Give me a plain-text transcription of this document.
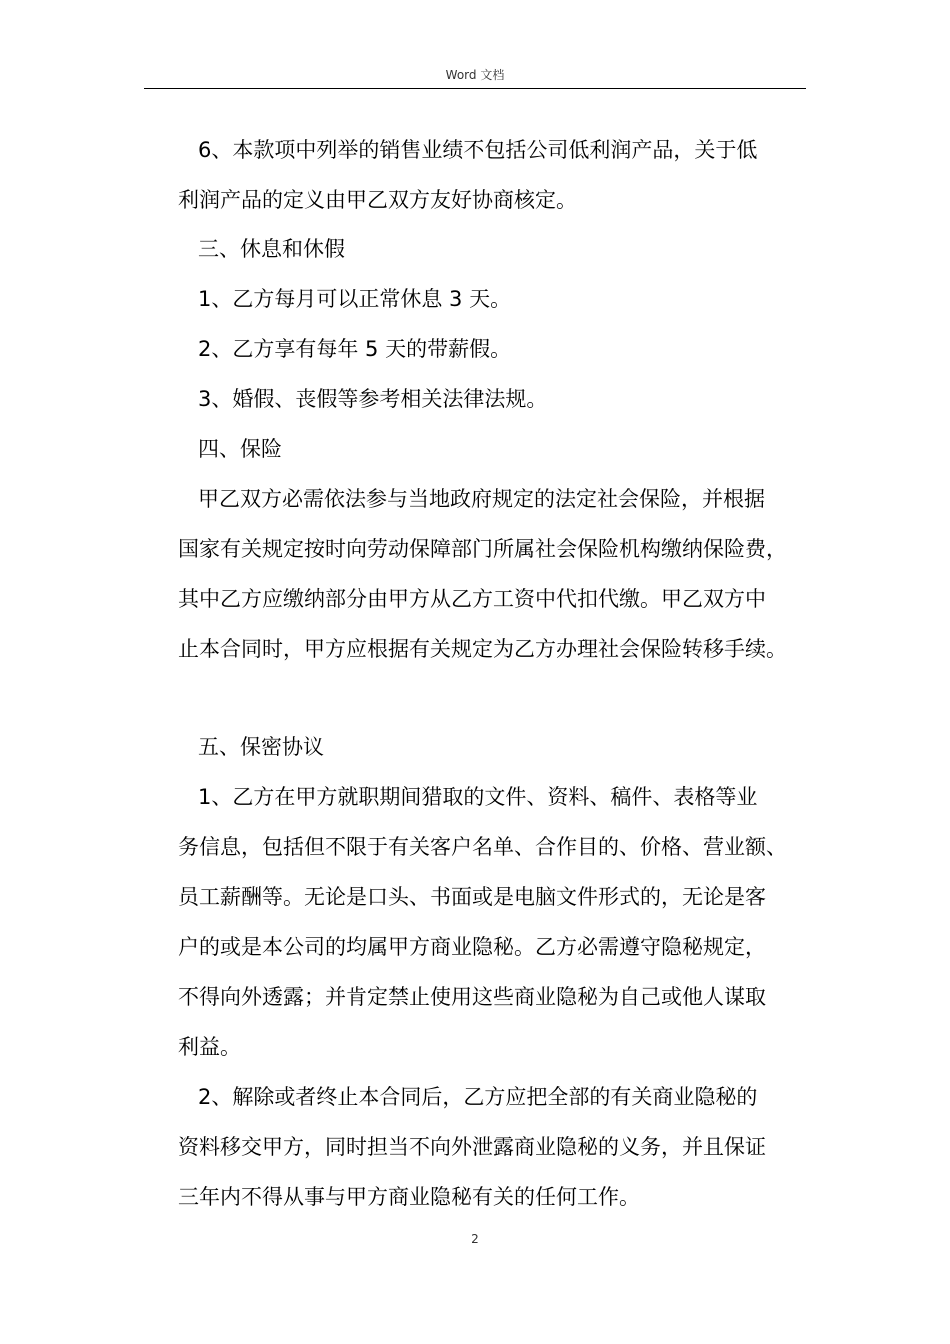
Word 文档
6、本款项中列举的销售业绩不包括公司低利润产品，关于低
利润产品的定义由甲乙双方友好协商核定。
三、休息和休假
1、乙方每月可以正常休息 3 天。
2、乙方享有每年 5 天的带薪假。
3、婚假、丧假等参考相关法律法规。
四、保险
甲乙双方必需依法参与当地政府规定的法定社会保险，并根据
国家有关规定按时向劳动保障部门所属社会保险机构缴纳保险费，
其中乙方应缴纳部分由甲方从乙方工资中代扣代缴。甲乙双方中
止本合同时，甲方应根据有关规定为乙方办理社会保险转移手续。
五、保密协议
1、乙方在甲方就职期间猎取的文件、资料、稿件、表格等业
务信息，包括但不限于有关客户名单、合作目的、价格、营业额、
员工薪酬等。无论是口头、书面或是电脑文件形式的，无论是客
户的或是本公司的均属甲方商业隐秘。乙方必需遵守隐秘规定，
不得向外透露；并肯定禁止使用这些商业隐秘为自己或他人谋取
利益。
2、解除或者终止本合同后，乙方应把全部的有关商业隐秘的
资料移交甲方，同时担当不向外泄露商业隐秘的义务，并且保证
三年内不得从事与甲方商业隐秘有关的任何工作。
2
